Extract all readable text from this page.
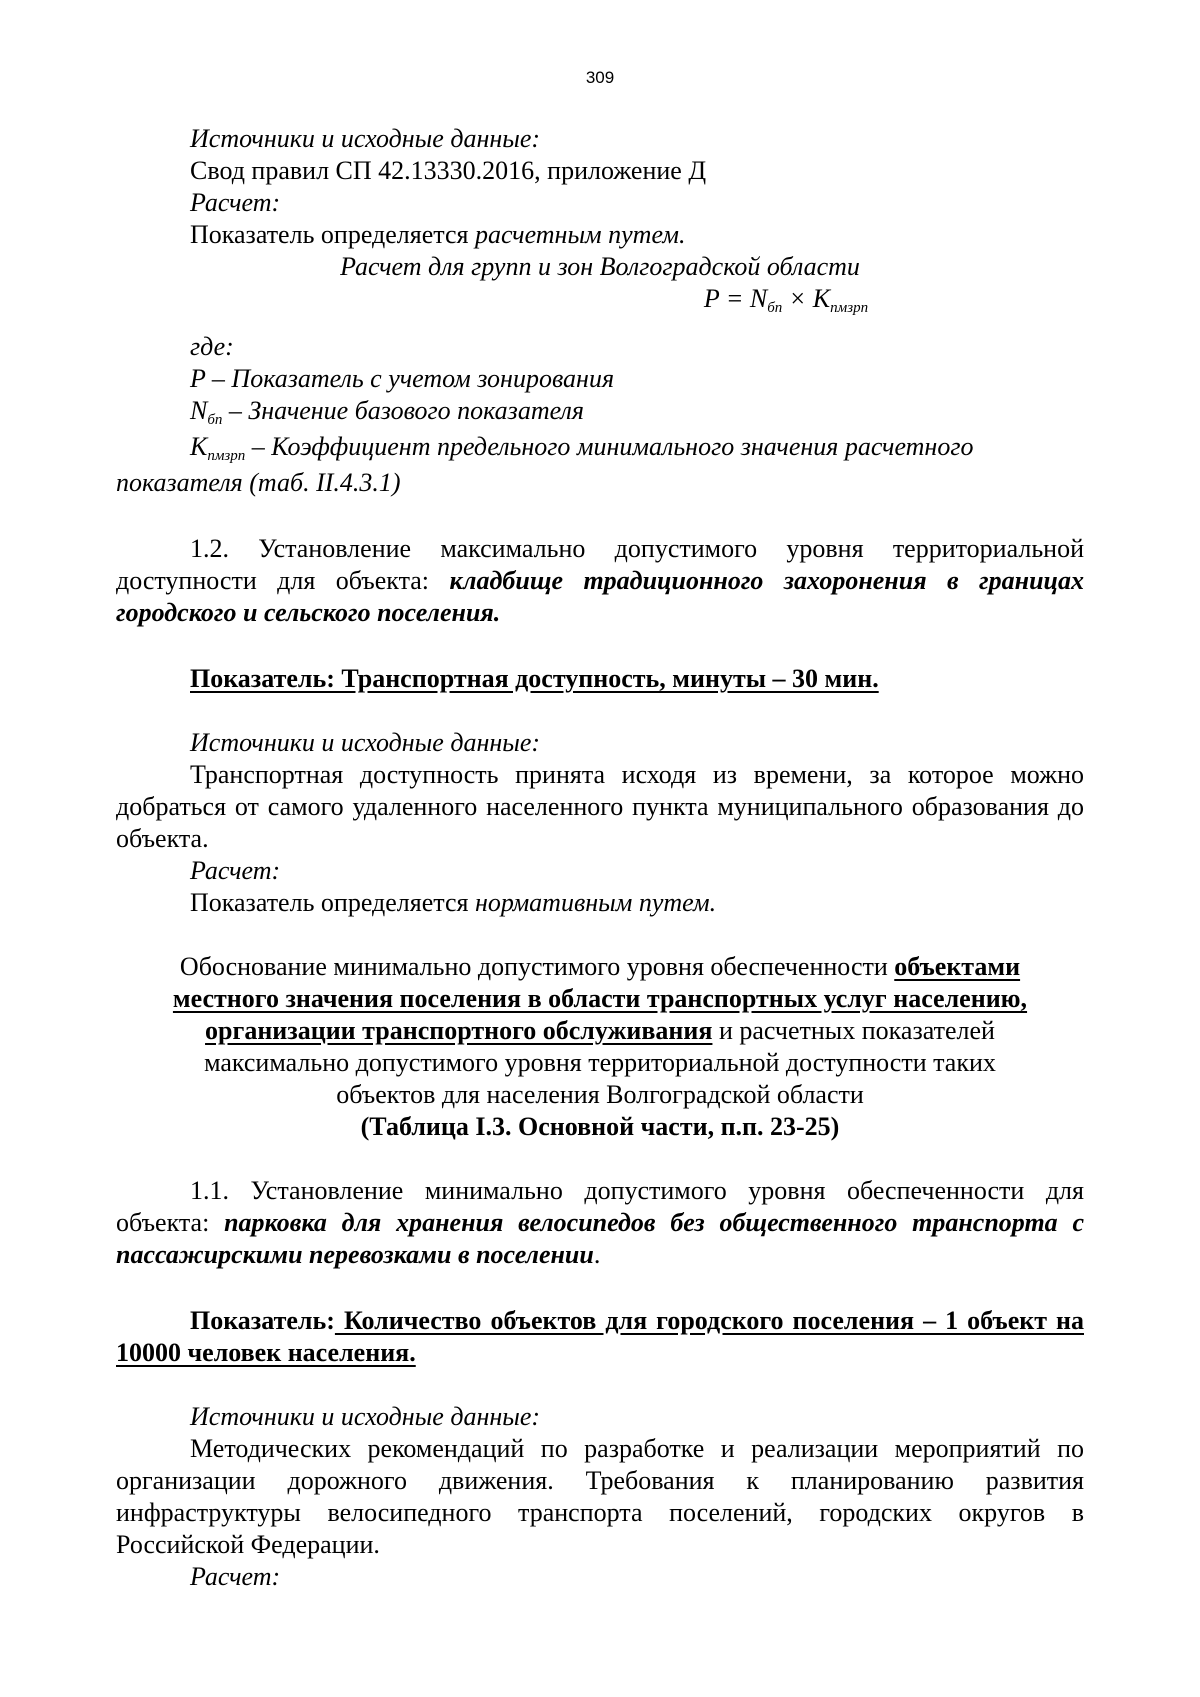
309

Источники и исходные данные:

Свод правил СП 42.13330.2016, приложение Д

Расчет:

Показатель определяется расчетным путем.

Расчет для групп и зон Волгоградской области

P = Nбп × Kпмзрп

где:

P – Показатель с учетом зонирования

Nбп – Значение базового показателя

Kпмзрп – Коэффициент предельного минимального значения расчетного показателя (таб. II.4.3.1)

1.2. Установление максимально допустимого уровня территориальной доступности для объекта: кладбище традиционного захоронения в границах городского и сельского поселения.

Показатель: Транспортная доступность, минуты – 30 мин.

Источники и исходные данные:

Транспортная доступность принята исходя из времени, за которое можно добраться от самого удаленного населенного пункта муниципального образования до объекта.

Расчет:

Показатель определяется нормативным путем.

Обоснование минимально допустимого уровня обеспеченности объектами местного значения поселения в области транспортных услуг населению, организации транспортного обслуживания и расчетных показателей максимально допустимого уровня территориальной доступности таких объектов для населения Волгоградской области

(Таблица I.3. Основной части, п.п. 23-25)

1.1. Установление минимально допустимого уровня обеспеченности для объекта: парковка для хранения велосипедов без общественного транспорта с пассажирскими перевозками в поселении.

Показатель: Количество объектов для городского поселения – 1 объект на 10000 человек населения.

Источники и исходные данные:

Методических рекомендаций по разработке и реализации мероприятий по организации дорожного движения. Требования к планированию развития инфраструктуры велосипедного транспорта поселений, городских округов в Российской Федерации.

Расчет:
